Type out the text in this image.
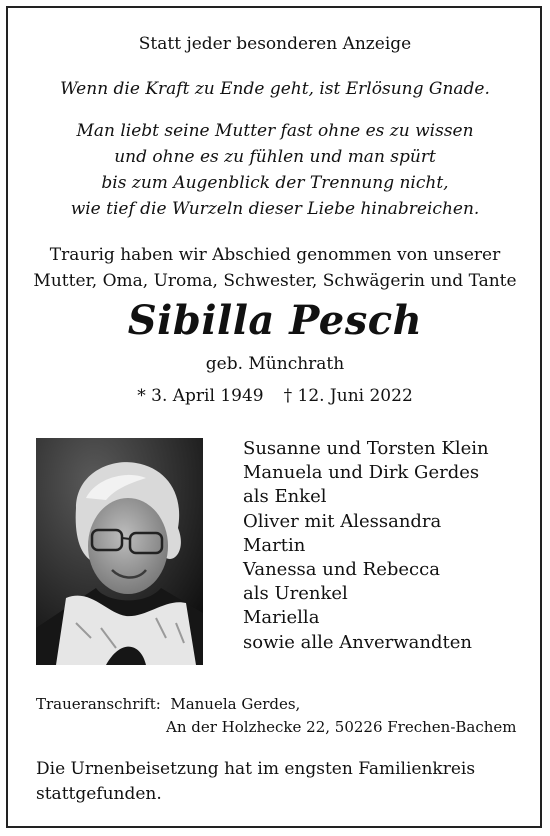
Statt jeder besonderen Anzeige
Wenn die Kraft zu Ende geht, ist Erlösung Gnade.
Man liebt seine Mutter fast ohne es zu wissen
und ohne es zu fühlen und man spürt
bis zum Augenblick der Trennung nicht,
wie tief die Wurzeln dieser Liebe hinabreichen.
Traurig haben wir Abschied genommen von unserer
Mutter, Oma, Uroma, Schwester, Schwägerin und Tante
Sibilla Pesch
geb. Münchrath
* 3. April 1949 † 12. Juni 2022
Susanne und Torsten Klein
Manuela und Dirk Gerdes
als Enkel
Oliver mit Alessandra
Martin
Vanessa und Rebecca
als Urenkel
Mariella
sowie alle Anverwandten
Traueranschrift: Manuela Gerdes,
An der Holzhecke 22, 50226 Frechen-Bachem
Die Urnenbeisetzung hat im engsten Familienkreis
stattgefunden.
